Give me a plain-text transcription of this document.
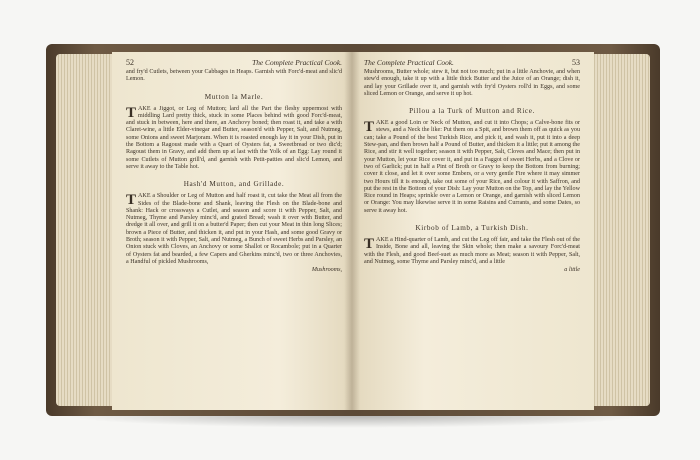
52	The Complete Practical Cook.

and fry'd Cutlets, between your Cabbages in Heaps. Garnish with Forc'd-meat and slic'd Lemon.

Mutton la Marle.

TAKE a Jiggot, or Leg of Mutton; lard all the Part the fleshy uppermost with middling Lard pretty thick, stuck in some Places behind with good Forc'd-meat, and stuck in between, here and there, an Anchovy boned; then roast it, and take a with Claret-wine, a little Elder-vinegar and Butter, season'd with Pepper, Salt, and Nutmeg, some Onions and sweet Marjoram. When it is roasted enough lay it in your Dish, put in the Bottom a Ragoust made with a Quart of Oysters fat, a Sweetbread or two dic'd; Ragoust them in Gravy, and add them up at last with the Yolk of an Egg: Lay round it some Cutlets of Mutton grill'd, and garnish with Petit-patties and slic'd Lemon, and serve it away to the Table hot.

Hash'd Mutton, and Grillade.

TAKE a Shoulder or Leg of Mutton and half roast it, cut take the Meat all from the Sides of the Blade-bone and Shank, leaving the Flesh on the Blade-bone and Shank: Hack or crossways a Cutlet, and season and score it with Pepper, Salt, and Nutmeg, Thyme and Parsley minc'd, and grated Bread; wash it over with Butter, and dredge it all over, and grill it on a butter'd Paper; then cut your Meat in thin long Slices; brown a Piece of Butter, and thicken it, and put in your Hash, and some good Gravy or Broth; season it with Pepper, Salt, and Nutmeg, a Bunch of sweet Herbs and Parsley, an Onion stuck with Cloves, an Anchovy or some Shallot or Rocambole; put in a Quarter of Oysters fat and bearded, a few Capers and Gherkins minc'd, two or three Anchovies, a Handful of pickled Mushrooms,

Mushrooms,
The Complete Practical Cook.	53

Mushrooms, Butter whole; stew it, but not too much; put in a little Anchovie, and when stew'd enough, take it up with a little thick Butter and the Juice of an Orange; dish it, and lay your Grillade over it, and garnish with fry'd Oysters roll'd in Eggs, and some sliced Lemon or Orange, and serve it up hot.

Pillou a la Turk of Mutton and Rice.

TAKE a good Loin or Neck of Mutton, and cut it into Chops; a Calve-bone fits or stews, and a Neck the like: Put them on a Spit, and brown them off as quick as you can; take a Pound of the best Turkish Rice, and pick it, and wash it, put it into a deep Stew-pan, and then brown half a Pound of Butter, and thicken it a little; put it among the Rice, and stir it well together; season it with Pepper, Salt, Cloves and Mace; then put in your Mutton, let your Rice cover it, and put in a Faggot of sweet Herbs, and a Clove or two of Garlick; put in half a Pint of Broth or Gravy to keep the Bottom from burning; cover it close, and let it over some Embers, or a very gentle Fire where it may simmer two Hours till it is enough, take out some of your Rice, and colour it with Saffron, and put the rest in the Bottom of your Dish: Lay your Mutton on the Top, and lay the Yellow Rice round in Heaps; sprinkle over a Lemon or Orange, and garnish with sliced Lemon or Orange: You may likewise serve it in some Raisins and Currants, and some Dates, so serve it away hot.

Kirbob of Lamb, a Turkish Dish.

TAKE a Hind-quarter of Lamb, and cut the Leg off fair, and take the Flesh out of the Inside, Bone and all, leaving the Skin whole; then make a savoury Forc'd-meat with the Flesh, and good Beef-suet as much more as Meat; season it with Pepper, Salt, and Nutmeg, some Thyme and Parsley minc'd, and a little

a little
